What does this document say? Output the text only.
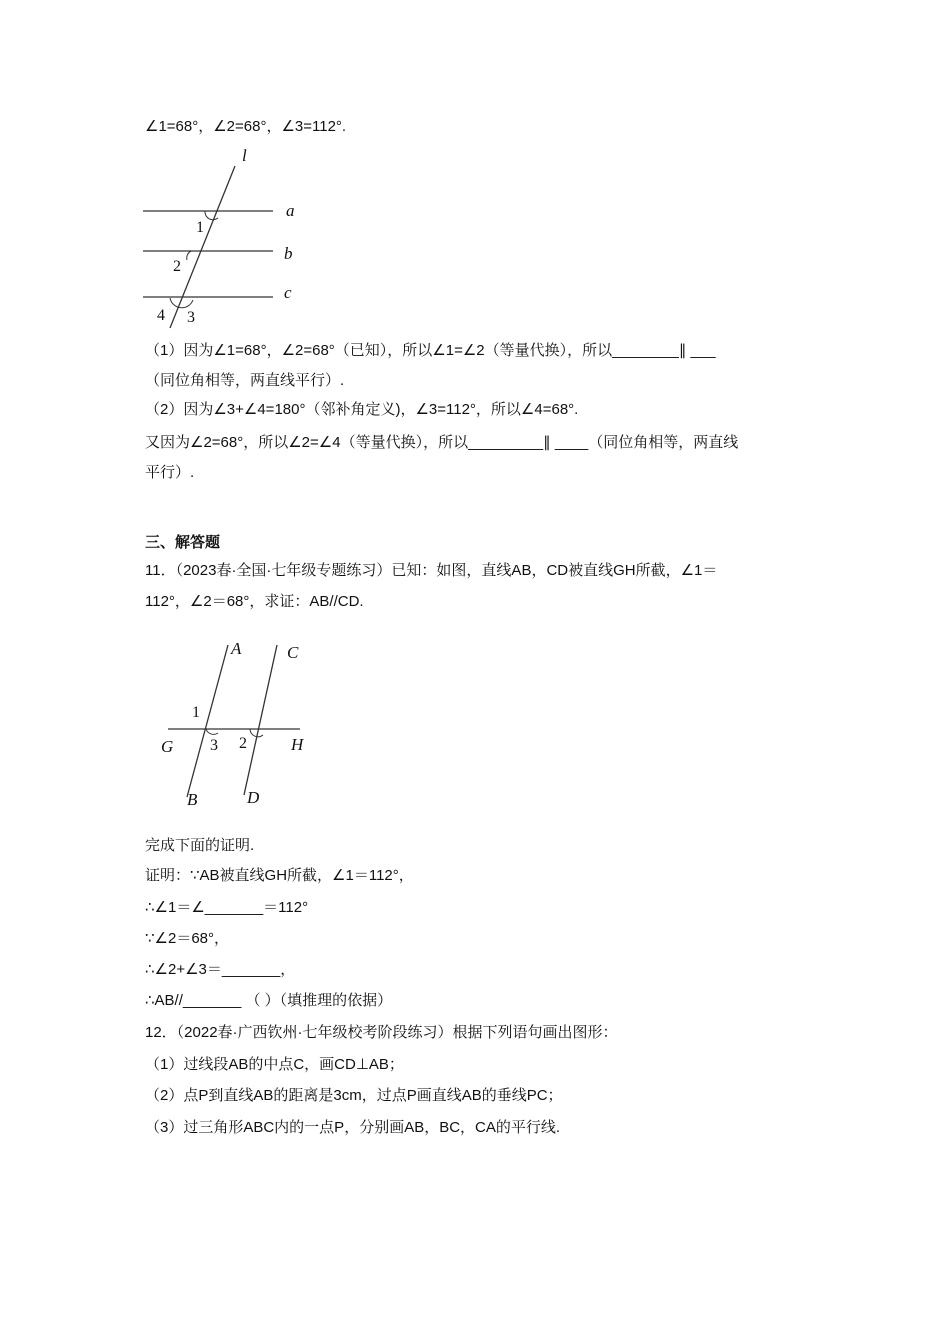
∠1=68°，∠2=68°，∠3=112°.
l
a
b
c
1
2
4 3
（1）因为∠1=68°，∠2=68°（已知），所以∠1=∠2（等量代换），所以________∥ ___
（同位角相等，两直线平行）.
（2）因为∠3+∠4=180°（邻补角定义)，∠3=112°，所以∠4=68°.
又因为∠2=68°，所以∠2=∠4（等量代换），所以_________∥ ____（同位角相等，两直线
平行）.
三、解答题
11．（2023春·全国·七年级专题练习）已知：如图，直线AB，CD被直线GH所截，∠1＝
112°，∠2＝68°，求证：AB//CD.
A	C
G	H
B	D
1
3 2
完成下面的证明.
证明：∵AB被直线GH所截，∠1＝112°，
∴∠1＝∠_______＝112°
∵∠2＝68°，
∴∠2+∠3＝_______，
∴AB//_______ （ ）（填推理的依据）
12．（2022春·广西钦州·七年级校考阶段练习）根据下列语句画出图形：
（1）过线段AB的中点C，画CD⊥AB；
（2）点P到直线AB的距离是3cm，过点P画直线AB的垂线PC；
（3）过三角形ABC内的一点P，分别画AB，BC，CA的平行线.
